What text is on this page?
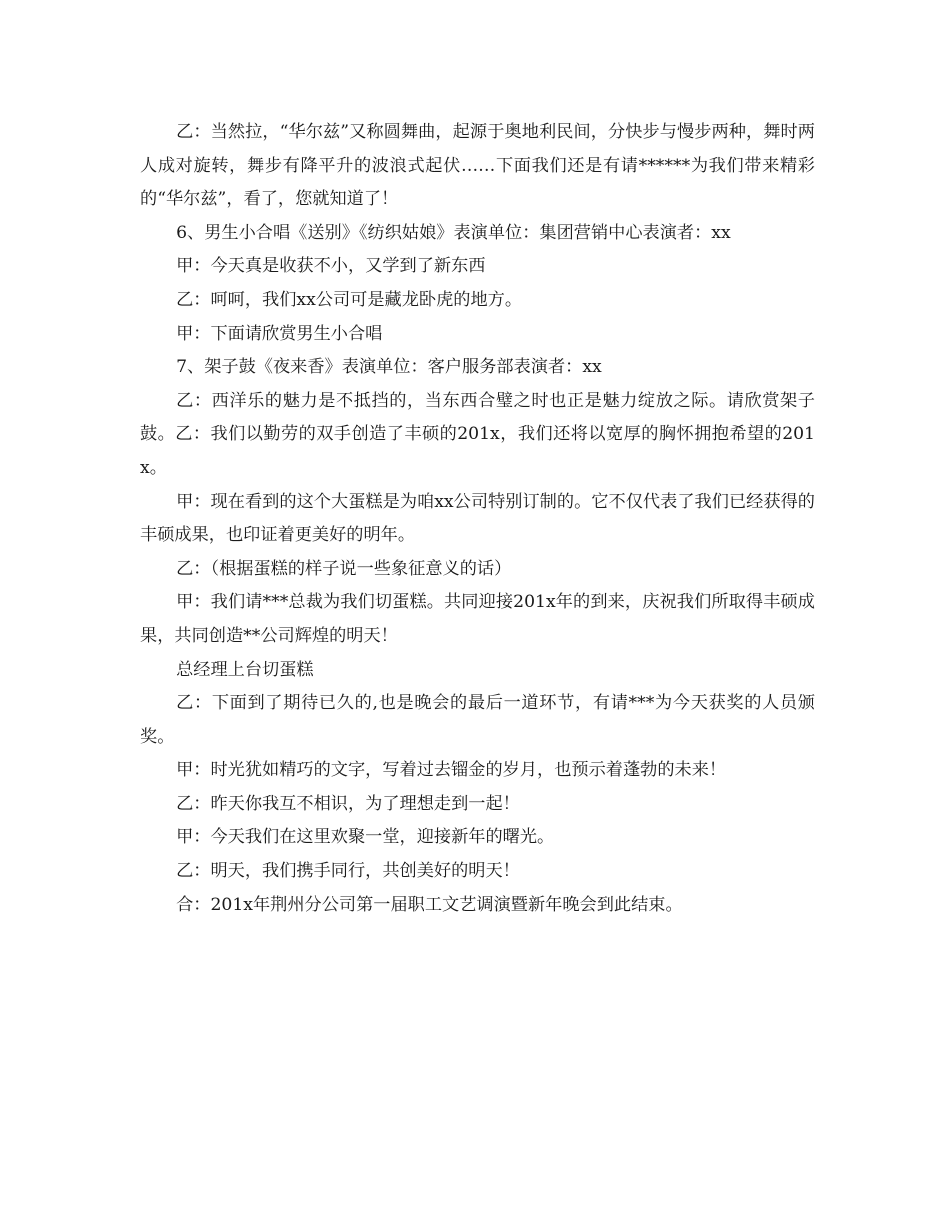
乙：当然拉，“华尔兹”又称圆舞曲，起源于奥地利民间，分快步与慢步两种，舞时两人成对旋转，舞步有降平升的波浪式起伏……下面我们还是有请******为我们带来精彩的“华尔兹”，看了，您就知道了！

6、男生小合唱《送别》《纺织姑娘》表演单位：集团营销中心表演者：xx

甲：今天真是收获不小，又学到了新东西

乙：呵呵，我们xx公司可是藏龙卧虎的地方。

甲：下面请欣赏男生小合唱

7、架子鼓《夜来香》表演单位：客户服务部表演者：xx

乙：西洋乐的魅力是不抵挡的，当东西合璧之时也正是魅力绽放之际。请欣赏架子鼓。乙：我们以勤劳的双手创造了丰硕的201x，我们还将以宽厚的胸怀拥抱希望的201x。

甲：现在看到的这个大蛋糕是为咱xx公司特别订制的。它不仅代表了我们已经获得的丰硕成果，也印证着更美好的明年。

乙：（根据蛋糕的样子说一些象征意义的话）

甲：我们请***总裁为我们切蛋糕。共同迎接201x年的到来，庆祝我们所取得丰硕成果，共同创造**公司辉煌的明天！

总经理上台切蛋糕

乙：下面到了期待已久的,也是晚会的最后一道环节，有请***为今天获奖的人员颁奖。

甲：时光犹如精巧的文字，写着过去镏金的岁月，也预示着蓬勃的未来！

乙：昨天你我互不相识，为了理想走到一起！

甲：今天我们在这里欢聚一堂，迎接新年的曙光。

乙：明天，我们携手同行，共创美好的明天！

合：201x年荆州分公司第一届职工文艺调演暨新年晚会到此结束。
